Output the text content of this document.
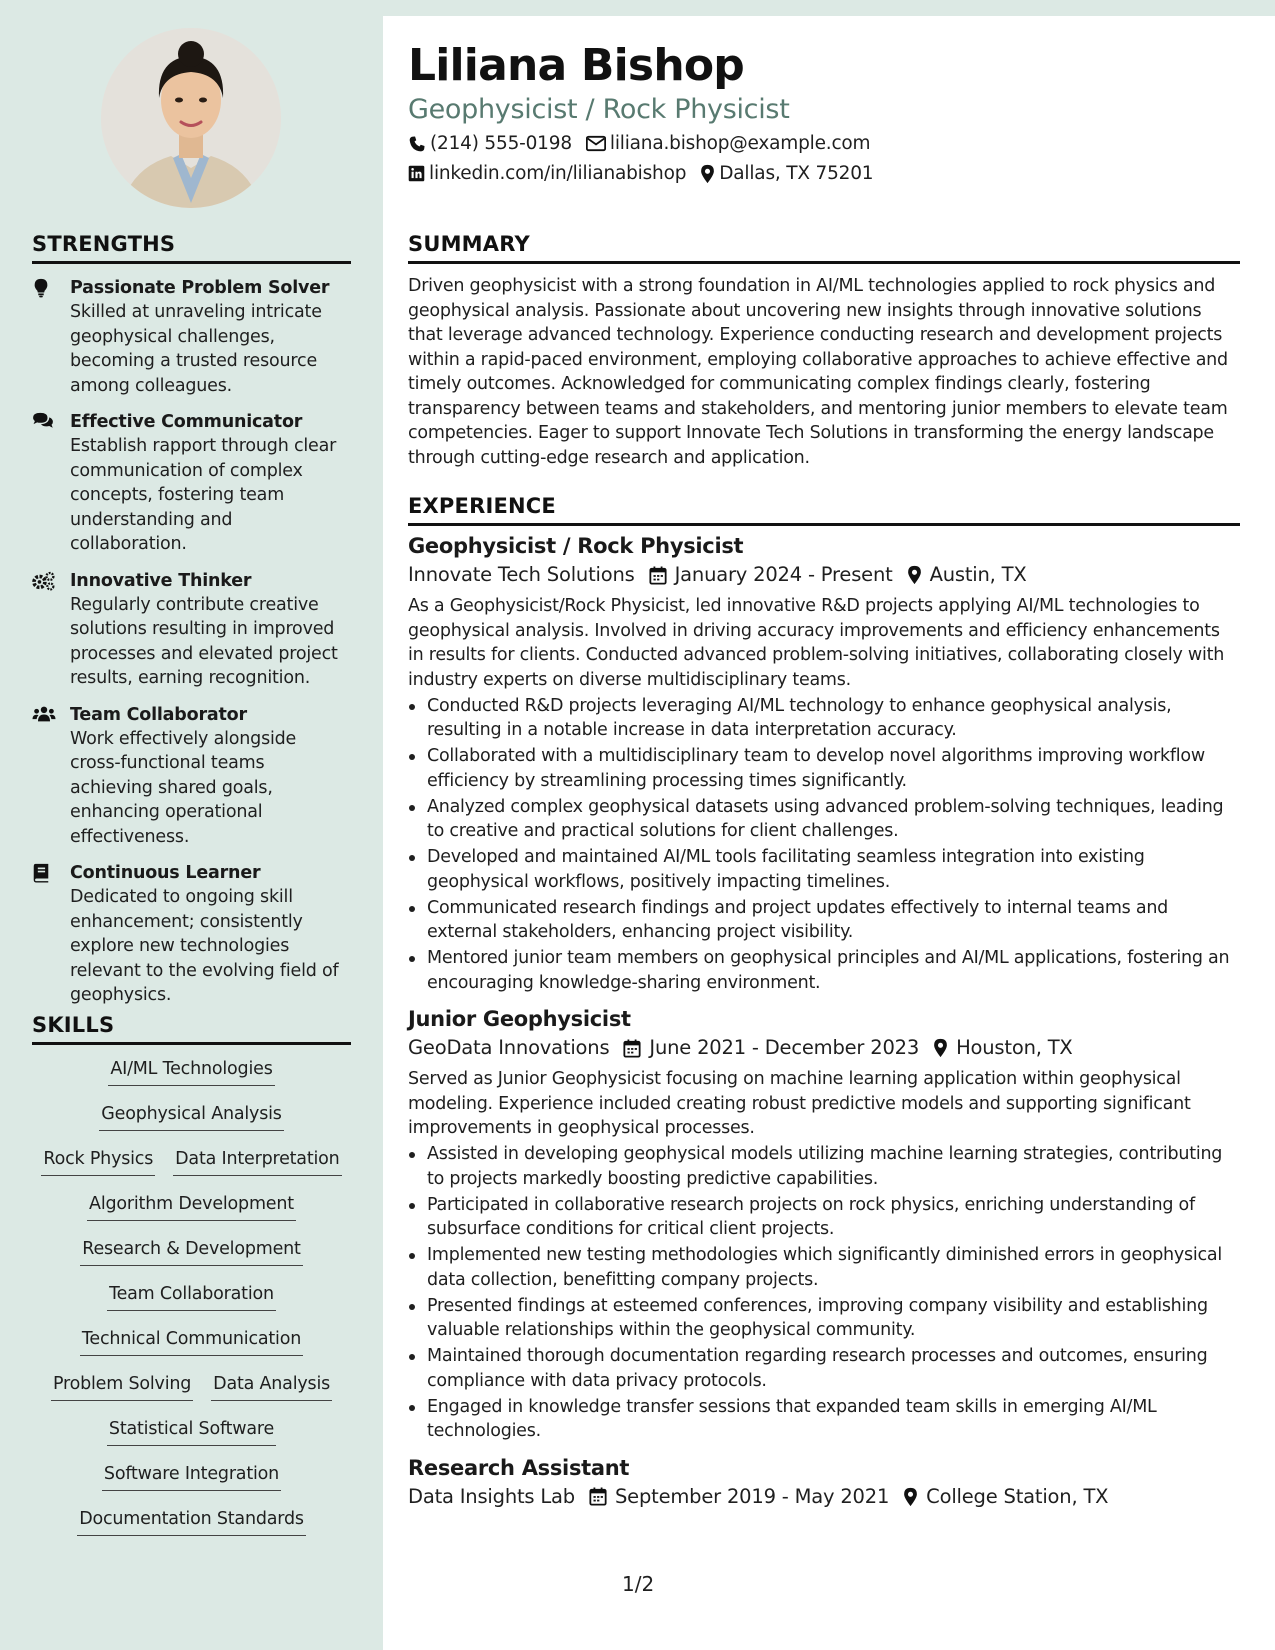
Liliana Bishop
Geophysicist / Rock Physicist
(214) 555-0198 liliana.bishop@example.com
linkedin.com/in/lilianabishop Dallas, TX 75201
STRENGTHS
Passionate Problem Solver
Skilled at unraveling intricate geophysical challenges, becoming a trusted resource among colleagues.
Effective Communicator
Establish rapport through clear communication of complex concepts, fostering team understanding and collaboration.
Innovative Thinker
Regularly contribute creative solutions resulting in improved processes and elevated project results, earning recognition.
Team Collaborator
Work effectively alongside cross-functional teams achieving shared goals, enhancing operational effectiveness.
Continuous Learner
Dedicated to ongoing skill enhancement; consistently explore new technologies relevant to the evolving field of geophysics.
SKILLS
AI/ML Technologies
Geophysical Analysis
Rock Physics Data Interpretation
Algorithm Development
Research & Development
Team Collaboration
Technical Communication
Problem Solving Data Analysis
Statistical Software
Software Integration
Documentation Standards
SUMMARY
Driven geophysicist with a strong foundation in AI/ML technologies applied to rock physics and geophysical analysis. Passionate about uncovering new insights through innovative solutions that leverage advanced technology. Experience conducting research and development projects within a rapid-paced environment, employing collaborative approaches to achieve effective and timely outcomes. Acknowledged for communicating complex findings clearly, fostering transparency between teams and stakeholders, and mentoring junior members to elevate team competencies. Eager to support Innovate Tech Solutions in transforming the energy landscape through cutting-edge research and application.
EXPERIENCE
Geophysicist / Rock Physicist
Innovate Tech Solutions January 2024 - Present Austin, TX
As a Geophysicist/Rock Physicist, led innovative R&D projects applying AI/ML technologies to geophysical analysis. Involved in driving accuracy improvements and efficiency enhancements in results for clients. Conducted advanced problem-solving initiatives, collaborating closely with industry experts on diverse multidisciplinary teams.
Conducted R&D projects leveraging AI/ML technology to enhance geophysical analysis, resulting in a notable increase in data interpretation accuracy.
Collaborated with a multidisciplinary team to develop novel algorithms improving workflow efficiency by streamlining processing times significantly.
Analyzed complex geophysical datasets using advanced problem-solving techniques, leading to creative and practical solutions for client challenges.
Developed and maintained AI/ML tools facilitating seamless integration into existing geophysical workflows, positively impacting timelines.
Communicated research findings and project updates effectively to internal teams and external stakeholders, enhancing project visibility.
Mentored junior team members on geophysical principles and AI/ML applications, fostering an encouraging knowledge-sharing environment.
Junior Geophysicist
GeoData Innovations June 2021 - December 2023 Houston, TX
Served as Junior Geophysicist focusing on machine learning application within geophysical modeling. Experience included creating robust predictive models and supporting significant improvements in geophysical processes.
Assisted in developing geophysical models utilizing machine learning strategies, contributing to projects markedly boosting predictive capabilities.
Participated in collaborative research projects on rock physics, enriching understanding of subsurface conditions for critical client projects.
Implemented new testing methodologies which significantly diminished errors in geophysical data collection, benefitting company projects.
Presented findings at esteemed conferences, improving company visibility and establishing valuable relationships within the geophysical community.
Maintained thorough documentation regarding research processes and outcomes, ensuring compliance with data privacy protocols.
Engaged in knowledge transfer sessions that expanded team skills in emerging AI/ML technologies.
Research Assistant
Data Insights Lab September 2019 - May 2021 College Station, TX
1/2
